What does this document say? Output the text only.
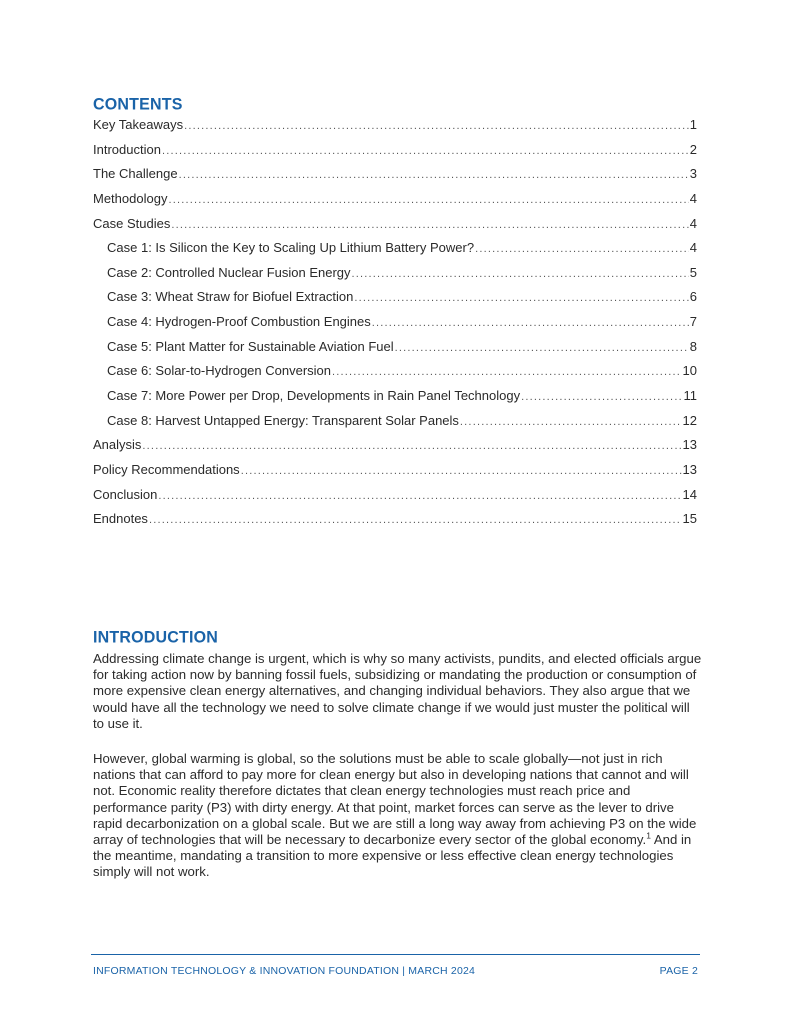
CONTENTS
Key Takeaways .....	1
Introduction .....	2
The Challenge .....	3
Methodology .....	4
Case Studies .....	4
Case 1: Is Silicon the Key to Scaling Up Lithium Battery Power? .....	4
Case 2: Controlled Nuclear Fusion Energy .....	5
Case 3: Wheat Straw for Biofuel Extraction .....	6
Case 4: Hydrogen-Proof Combustion Engines .....	7
Case 5: Plant Matter for Sustainable Aviation Fuel .....	8
Case 6: Solar-to-Hydrogen Conversion .....	10
Case 7: More Power per Drop, Developments in Rain Panel Technology .....	11
Case 8: Harvest Untapped Energy: Transparent Solar Panels .....	12
Analysis .....	13
Policy Recommendations .....	13
Conclusion .....	14
Endnotes .....	15
INTRODUCTION

Addressing climate change is urgent, which is why so many activists, pundits, and elected officials argue for taking action now by banning fossil fuels, subsidizing or mandating the production or consumption of more expensive clean energy alternatives, and changing individual behaviors. They also argue that we would have all the technology we need to solve climate change if we would just muster the political will to use it.

However, global warming is global, so the solutions must be able to scale globally—not just in rich nations that can afford to pay more for clean energy but also in developing nations that cannot and will not. Economic reality therefore dictates that clean energy technologies must reach price and performance parity (P3) with dirty energy. At that point, market forces can serve as the lever to drive rapid decarbonization on a global scale. But we are still a long way away from achieving P3 on the wide array of technologies that will be necessary to decarbonize every sector of the global economy.$^1$ And in the meantime, mandating a transition to more expensive or less effective clean energy technologies simply will not work.

INFORMATION TECHNOLOGY & INNOVATION FOUNDATION | MARCH 2024	PAGE 2
